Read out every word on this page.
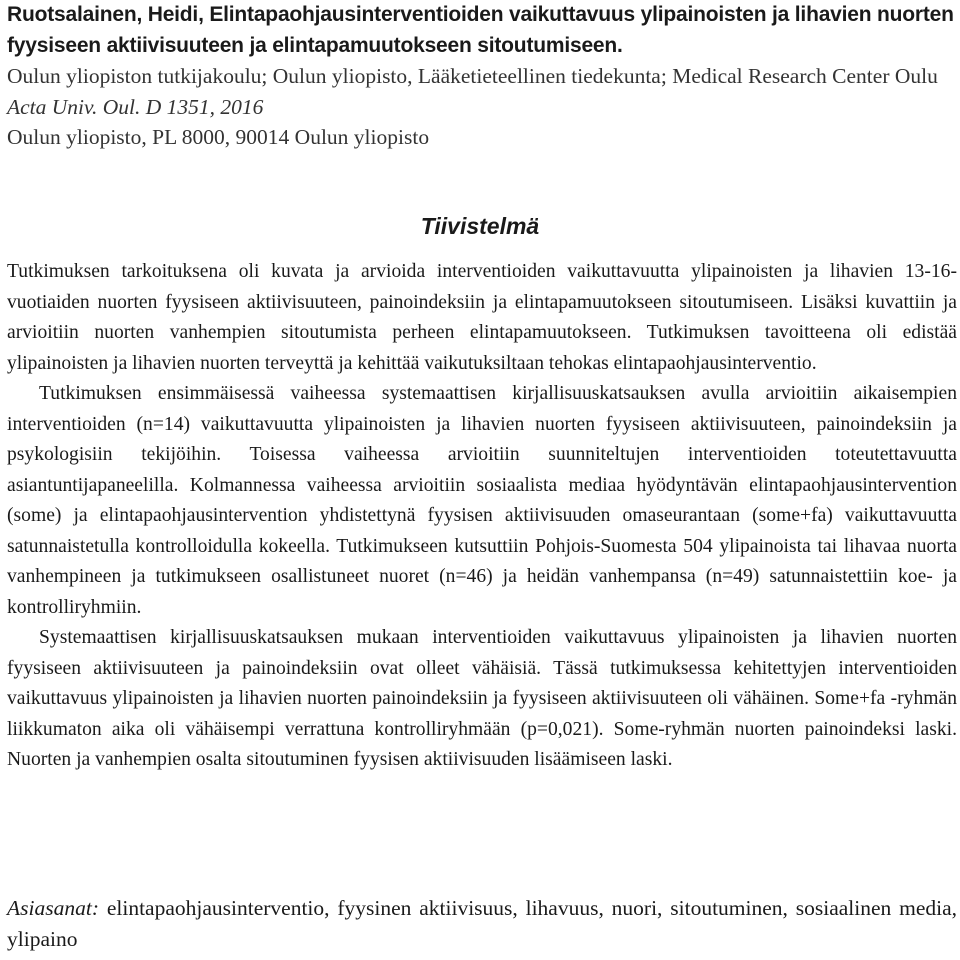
Ruotsalainen, Heidi, Elintapaohjausinterventioiden vaikuttavuus ylipainoisten ja lihavien nuorten fyysiseen aktiivisuuteen ja elintapamuutokseen sitoutumiseen.
Oulun yliopiston tutkijakoulu; Oulun yliopisto, Lääketieteellinen tiedekunta; Medical Research Center Oulu
Acta Univ. Oul. D 1351, 2016
Oulun yliopisto, PL 8000, 90014 Oulun yliopisto
Tiivistelmä

Tutkimuksen tarkoituksena oli kuvata ja arvioida interventioiden vaikuttavuutta ylipainoisten ja lihavien 13-16-vuotiaiden nuorten fyysiseen aktiivisuuteen, painoindeksiin ja elintapamuutokseen sitoutumiseen. Lisäksi kuvattiin ja arvioitiin nuorten vanhempien sitoutumista perheen elintapamuutokseen. Tutkimuksen tavoitteena oli edistää ylipainoisten ja lihavien nuorten terveyttä ja kehittää vaikutuksiltaan tehokas elintapaohjausinterventio.

Tutkimuksen ensimmäisessä vaiheessa systemaattisen kirjallisuuskatsauksen avulla arvioitiin aikaisempien interventioiden (n=14) vaikuttavuutta ylipainoisten ja lihavien nuorten fyysiseen aktiivisuuteen, painoindeksiin ja psykologisiin tekijöihin. Toisessa vaiheessa arvioitiin suunniteltujen interventioiden toteutettavuutta asiantuntijapaneelilla. Kolmannessa vaiheessa arvioitiin sosiaalista mediaa hyödyntävän elintapaohjausintervention (some) ja elintapaohjausintervention yhdistettynä fyysisen aktiivisuuden omaseurantaan (some+fa) vaikuttavuutta satunnaistetulla kontrolloidulla kokeella. Tutkimukseen kutsuttiin Pohjois-Suomesta 504 ylipainoista tai lihavaa nuorta vanhempineen ja tutkimukseen osallistuneet nuoret (n=46) ja heidän vanhempansa (n=49) satunnaistettiin koe- ja kontrolliryhmiin.

Systemaattisen kirjallisuuskatsauksen mukaan interventioiden vaikuttavuus ylipainoisten ja lihavien nuorten fyysiseen aktiivisuuteen ja painoindeksiin ovat olleet vähäisiä. Tässä tutkimuksessa kehitettyjen interventioiden vaikuttavuus ylipainoisten ja lihavien nuorten painoindeksiin ja fyysiseen aktiivisuuteen oli vähäinen. Some+fa -ryhmän liikkumaton aika oli vähäisempi verrattuna kontrolliryhmään (p=0,021). Some-ryhmän nuorten painoindeksi laski. Nuorten ja vanhempien osalta sitoutuminen fyysisen aktiivisuuden lisäämiseen laski.

Asiasanat: elintapaohjausinterventio, fyysinen aktiivisuus, lihavuus, nuori, sitoutuminen, sosiaalinen media, ylipaino
